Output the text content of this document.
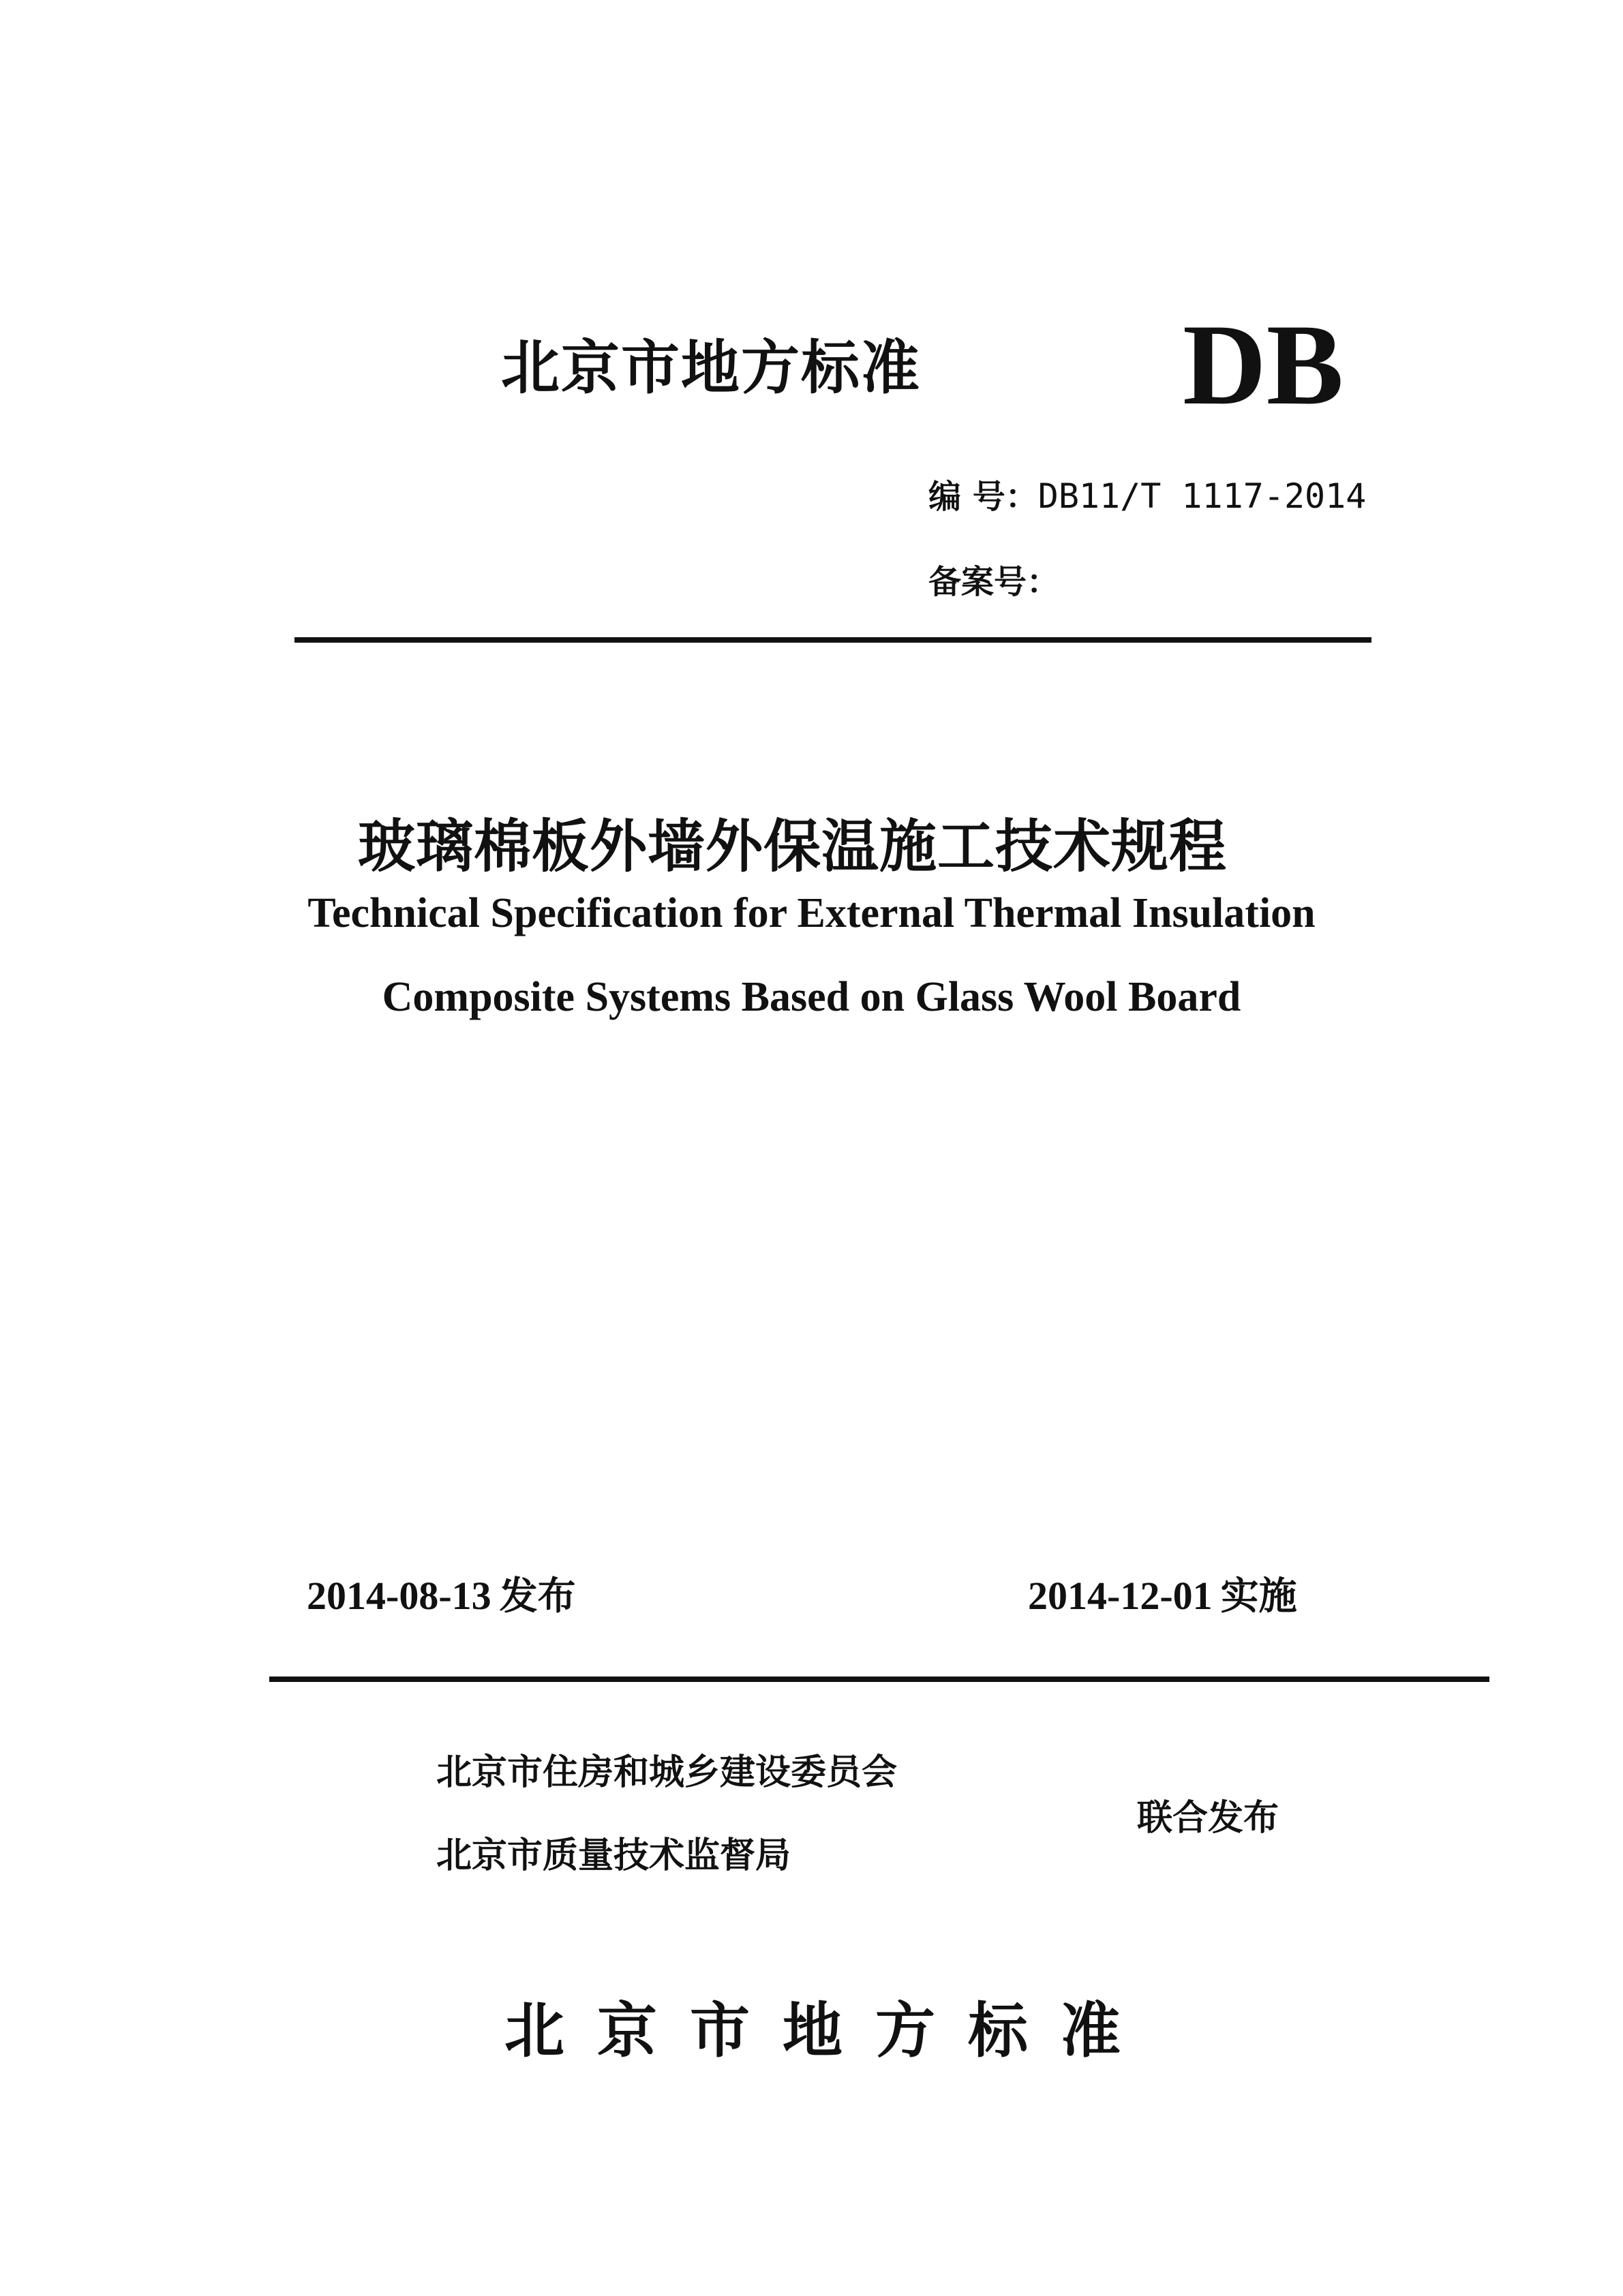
北京市地方标准 DB
编 号：DB11/T 1117-2014
备案号：
玻璃棉板外墙外保温施工技术规程
Technical Specification for External Thermal Insulation
Composite Systems Based on Glass Wool Board
2014-08-13 发布	2014-12-01 实施
北京市住房和城乡建设委员会
北京市质量技术监督局
联合发布
北京市地方标准
